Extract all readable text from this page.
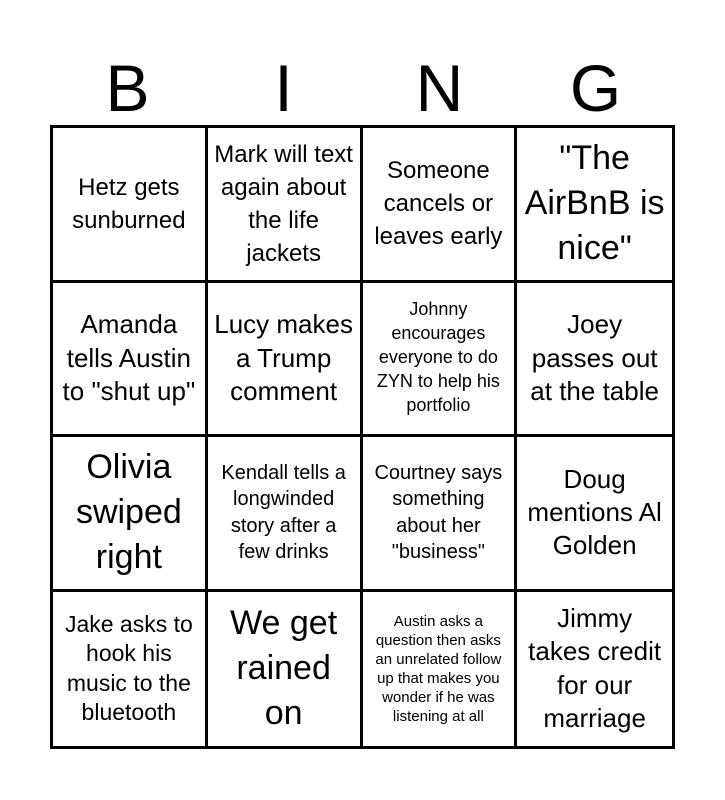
B	I	N	G
Hetz gets sunburned
Mark will text again about the life jackets
Someone cancels or leaves early
"The AirBnB is nice"
Amanda tells Austin to "shut up"
Lucy makes a Trump comment
Johnny encourages everyone to do ZYN to help his portfolio
Joey passes out at the table
Olivia swiped right
Kendall tells a longwinded story after a few drinks
Courtney says something about her "business"
Doug mentions Al Golden
Jake asks to hook his music to the bluetooth
We get rained on
Austin asks a question then asks an unrelated follow up that makes you wonder if he was listening at all
Jimmy takes credit for our marriage
